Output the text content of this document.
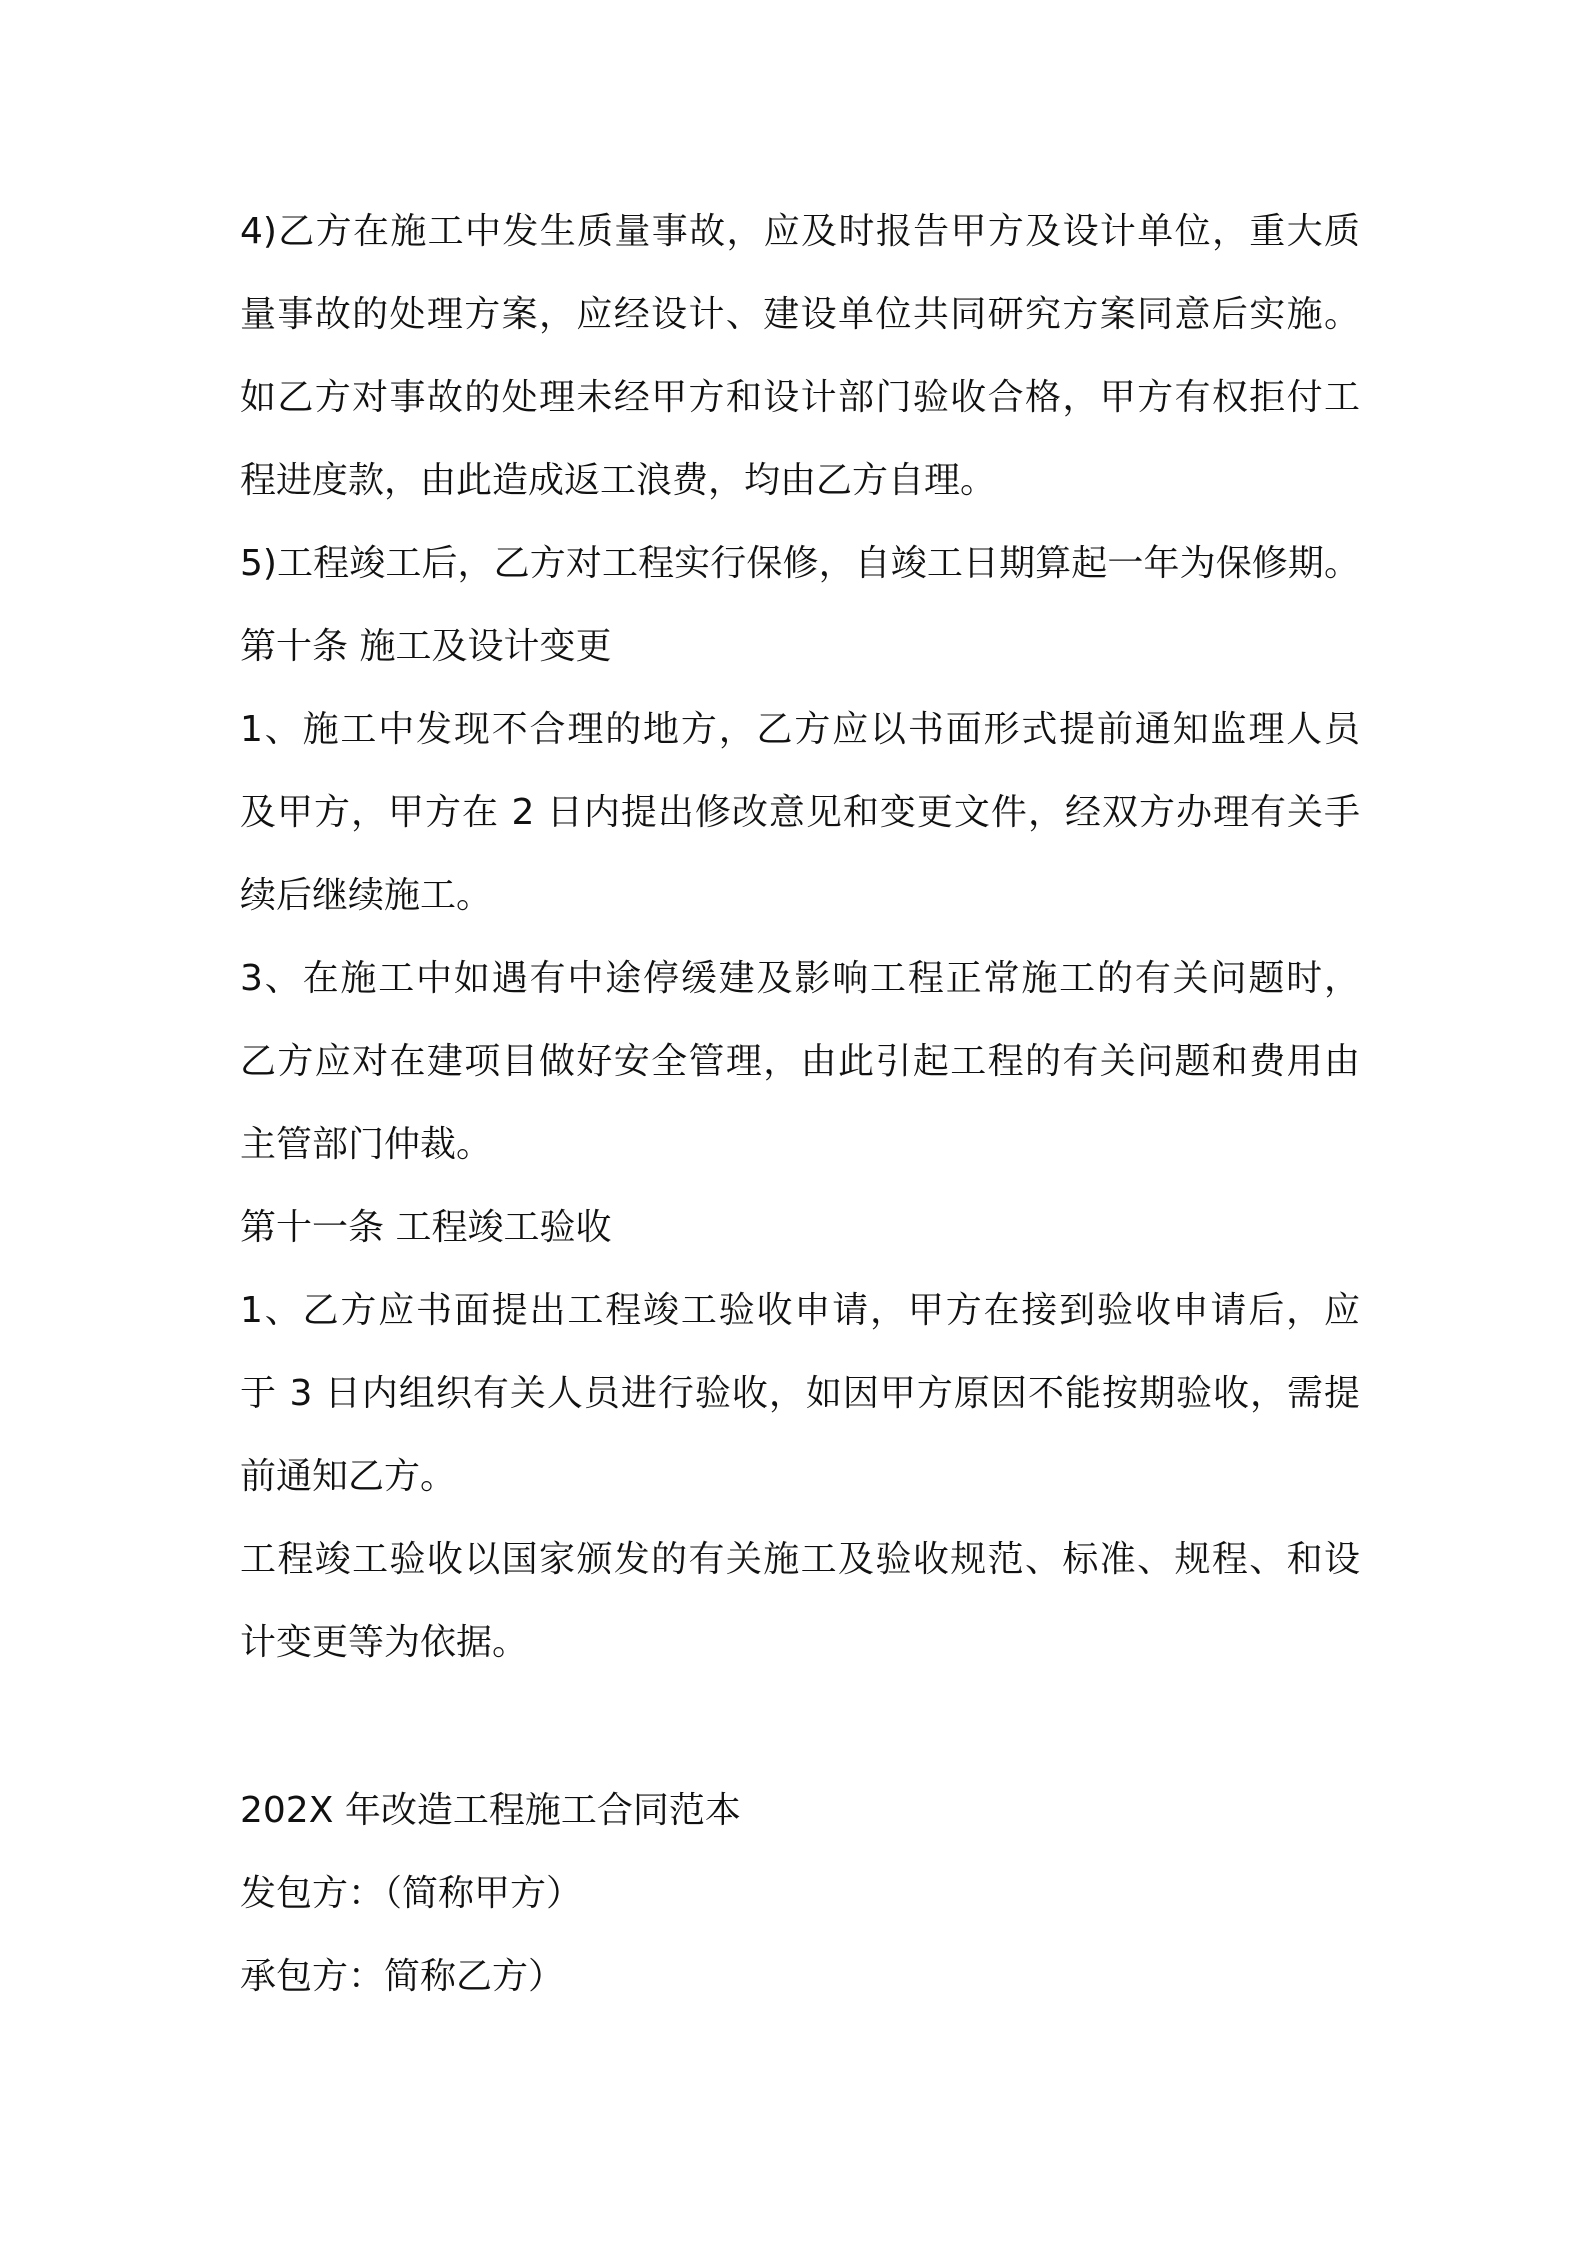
4)乙方在施工中发生质量事故，应及时报告甲方及设计单位，重大质

量事故的处理方案，应经设计、建设单位共同研究方案同意后实施。

如乙方对事故的处理未经甲方和设计部门验收合格，甲方有权拒付工

程进度款，由此造成返工浪费，均由乙方自理。

5)工程竣工后，乙方对工程实行保修，自竣工日期算起一年为保修期。

第十条 施工及设计变更

1、施工中发现不合理的地方，乙方应以书面形式提前通知监理人员

及甲方，甲方在 2 日内提出修改意见和变更文件，经双方办理有关手

续后继续施工。

3、在施工中如遇有中途停缓建及影响工程正常施工的有关问题时，

乙方应对在建项目做好安全管理，由此引起工程的有关问题和费用由

主管部门仲裁。

第十一条 工程竣工验收

1、乙方应书面提出工程竣工验收申请，甲方在接到验收申请后，应

于 3 日内组织有关人员进行验收，如因甲方原因不能按期验收，需提

前通知乙方。

工程竣工验收以国家颁发的有关施工及验收规范、标准、规程、和设

计变更等为依据。

202X 年改造工程施工合同范本

发包方：（简称甲方）

承包方：简称乙方）
